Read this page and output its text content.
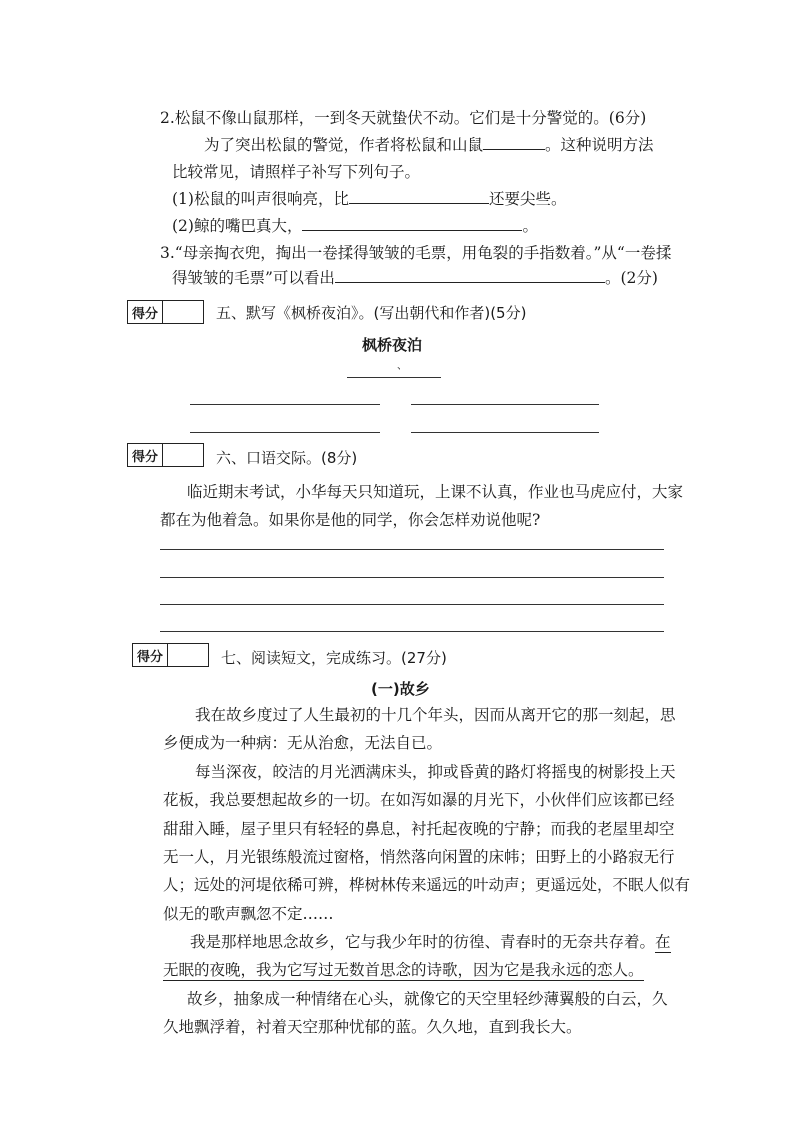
2.松鼠不像山鼠那样，一到冬天就蛰伏不动。它们是十分警觉的。(6分)
为了突出松鼠的警觉，作者将松鼠和山鼠	。这种说明方法
比较常见，请照样子补写下列句子。
(1)松鼠的叫声很响亮，比	还要尖些。
(2)鲸的嘴巴真大，	。
3.“母亲掏衣兜，掏出一卷揉得皱皱的毛票，用龟裂的手指数着。”从“一卷揉
得皱皱的毛票”可以看出	。(2分)
得分	五、默写《枫桥夜泊》。(写出朝代和作者)(5分)
枫桥夜泊
、
得分	六、口语交际。(8分)
临近期末考试，小华每天只知道玩，上课不认真，作业也马虎应付，大家
都在为他着急。如果你是他的同学，你会怎样劝说他呢?
得分	七、阅读短文，完成练习。(27分)
(一)故乡
我在故乡度过了人生最初的十几个年头，因而从离开它的那一刻起，思
乡便成为一种病：无从治愈，无法自已。
每当深夜，皎洁的月光洒满床头，抑或昏黄的路灯将摇曳的树影投上天
花板，我总要想起故乡的一切。在如泻如瀑的月光下，小伙伴们应该都已经
甜甜入睡，屋子里只有轻轻的鼻息，衬托起夜晚的宁静；而我的老屋里却空
无一人，月光银练般流过窗格，悄然落向闲置的床帏；田野上的小路寂无行
人；远处的河堤依稀可辨，桦树林传来遥远的叶动声；更遥远处，不眠人似有
似无的歌声飘忽不定……
我是那样地思念故乡，它与我少年时的彷徨、青春时的无奈共存着。在
无眠的夜晚，我为它写过无数首思念的诗歌，因为它是我永远的恋人。
故乡，抽象成一种情绪在心头，就像它的天空里轻纱薄翼般的白云，久
久地飘浮着，衬着天空那种忧郁的蓝。久久地，直到我长大。
